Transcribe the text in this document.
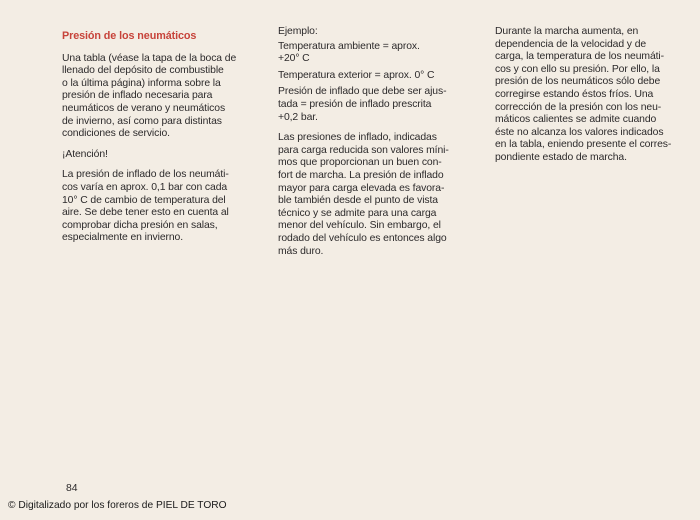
Presión de los neumáticos

Una tabla (véase la tapa de la boca de
llenado del depósito de combustible
o la última página) informa sobre la
presión de inflado necesaria para
neumáticos de verano y neumáticos
de invierno, así como para distintas
condiciones de servicio.

¡Atención!

La presión de inflado de los neumáti-
cos varía en aprox. 0,1 bar con cada
10° C de cambio de temperatura del
aire. Se debe tener esto en cuenta al
comprobar dicha presión en salas,
especialmente en invierno.

Ejemplo:

Temperatura ambiente = aprox.
+20° C

Temperatura exterior = aprox. 0° C

Presión de inflado que debe ser ajus-
tada = presión de inflado prescrita
+0,2 bar.

Las presiones de inflado, indicadas
para carga reducida son valores míni-
mos que proporcionan un buen con-
fort de marcha. La presión de inflado
mayor para carga elevada es favora-
ble también desde el punto de vista
técnico y se admite para una carga
menor del vehículo. Sin embargo, el
rodado del vehículo es entonces algo
más duro.

Durante la marcha aumenta, en
dependencia de la velocidad y de
carga, la temperatura de los neumáti-
cos y con ello su presión. Por ello, la
presión de los neumáticos sólo debe
corregirse estando éstos fríos. Una
corrección de la presión con los neu-
máticos calientes se admite cuando
éste no alcanza los valores indicados
en la tabla, eniendo presente el corres-
pondiente estado de marcha.

84
© Digitalizado por los foreros de PIEL DE TORO
